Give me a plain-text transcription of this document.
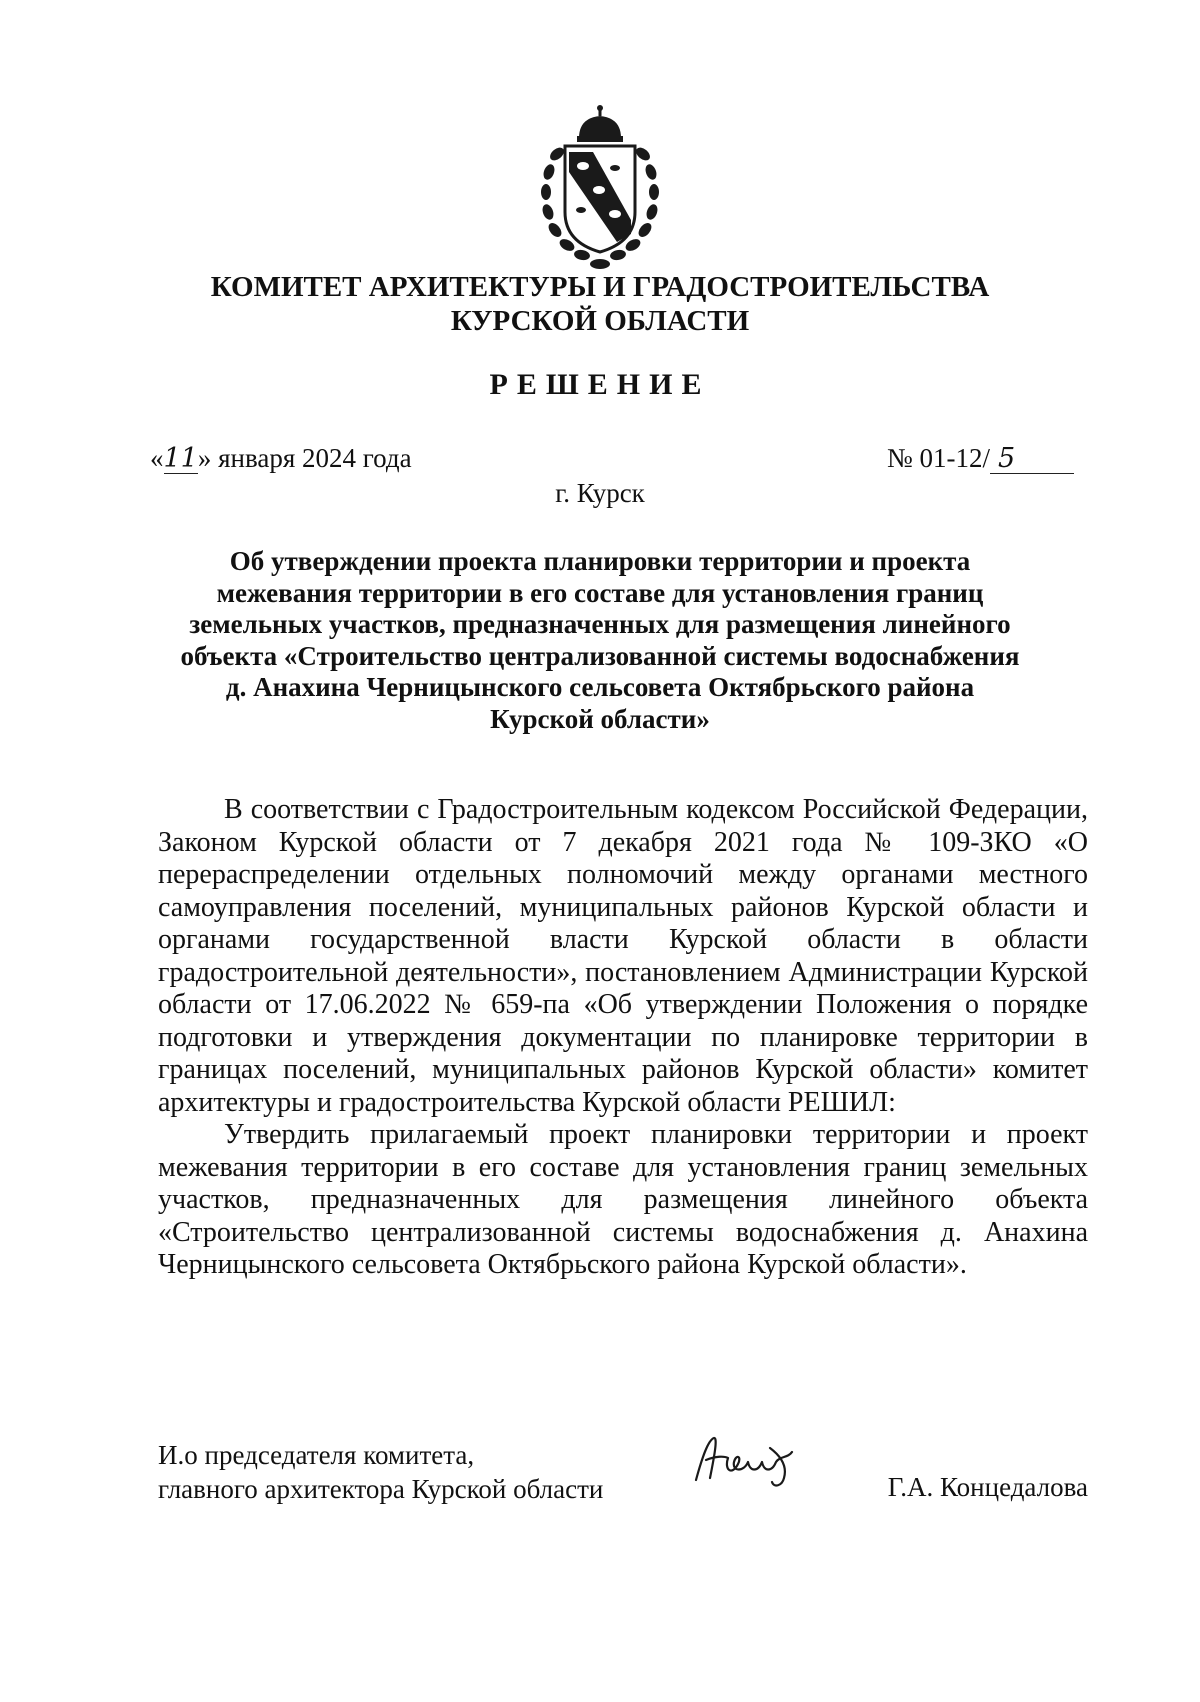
КОМИТЕТ АРХИТЕКТУРЫ И ГРАДОСТРОИТЕЛЬСТВА
КУРСКОЙ ОБЛАСТИ
РЕШЕНИЕ
«11» января 2024 года	№ 01-12/ 5
г. Курск
Об утверждении проекта планировки территории и проекта
межевания территории в его составе для установления границ
земельных участков, предназначенных для размещения линейного
объекта «Строительство централизованной системы водоснабжения
д. Анахина Черницынского сельсовета Октябрьского района
Курской области»

В соответствии с Градостроительным кодексом Российской Федерации, Законом Курской области от 7 декабря 2021 года № 109-ЗКО «О перераспределении отдельных полномочий между органами местного самоуправления поселений, муниципальных районов Курской области и органами государственной власти Курской области в области градостроительной деятельности», постановлением Администрации Курской области от 17.06.2022 № 659-па «Об утверждении Положения о порядке подготовки и утверждения документации по планировке территории в границах поселений, муниципальных районов Курской области» комитет архитектуры и градостроительства Курской области РЕШИЛ:

Утвердить прилагаемый проект планировки территории и проект межевания территории в его составе для установления границ земельных участков, предназначенных для размещения линейного объекта «Строительство централизованной системы водоснабжения д. Анахина Черницынского сельсовета Октябрьского района Курской области».

И.о председателя комитета,
главного архитектора Курской области	Г.А. Концедалова
